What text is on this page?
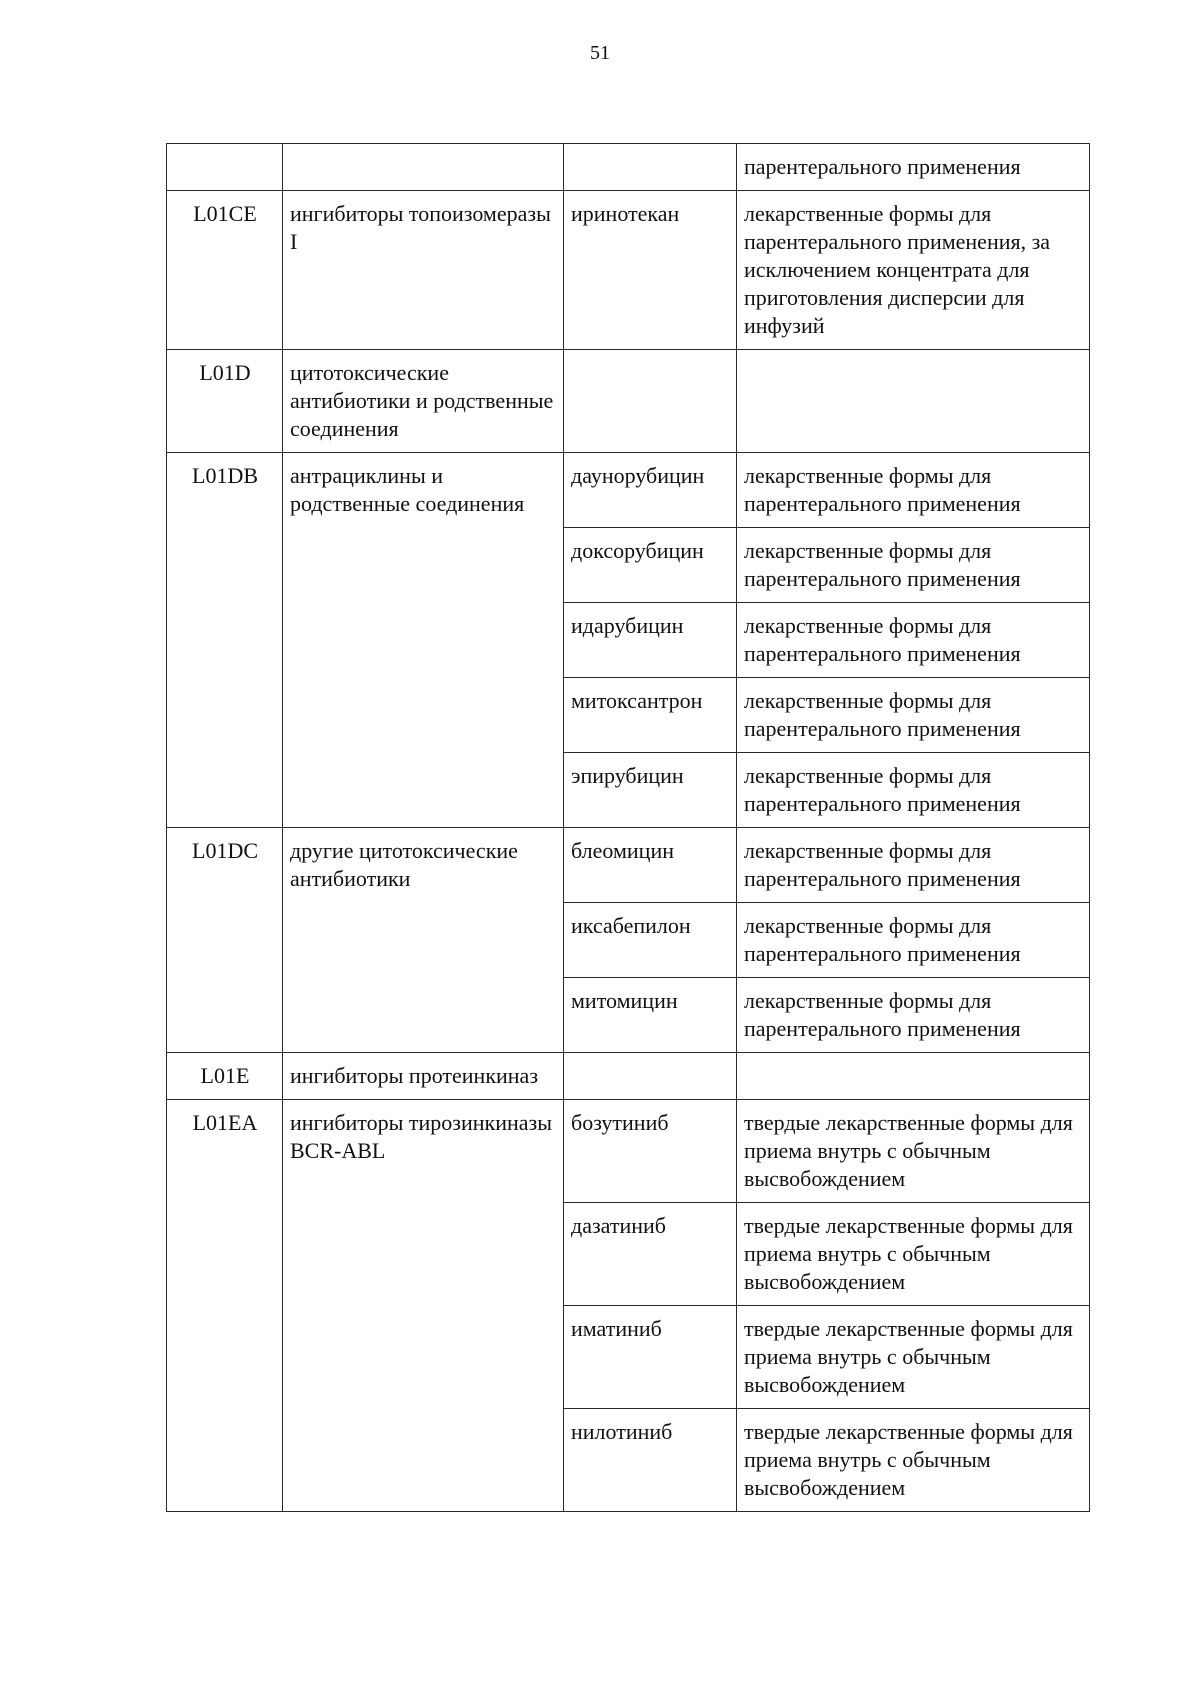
51
			парентерального применения
L01CE	ингибиторы топоизомеразы I	иринотекан	лекарственные формы для парентерального применения, за исключением концентрата для приготовления дисперсии для инфузий
L01D	цитотоксические антибиотики и родственные соединения		
L01DB	антрациклины и родственные соединения	даунорубицин	лекарственные формы для парентерального применения
		доксорубицин	лекарственные формы для парентерального применения
		идарубицин	лекарственные формы для парентерального применения
		митоксантрон	лекарственные формы для парентерального применения
		эпирубицин	лекарственные формы для парентерального применения
L01DC	другие цитотоксические антибиотики	блеомицин	лекарственные формы для парентерального применения
		иксабепилон	лекарственные формы для парентерального применения
		митомицин	лекарственные формы для парентерального применения
L01E	ингибиторы протеинкиназ		
L01EA	ингибиторы тирозинкиназы BCR-ABL	бозутиниб	твердые лекарственные формы для приема внутрь с обычным высвобождением
		дазатиниб	твердые лекарственные формы для приема внутрь с обычным высвобождением
		иматиниб	твердые лекарственные формы для приема внутрь с обычным высвобождением
		нилотиниб	твердые лекарственные формы для приема внутрь с обычным высвобождением
